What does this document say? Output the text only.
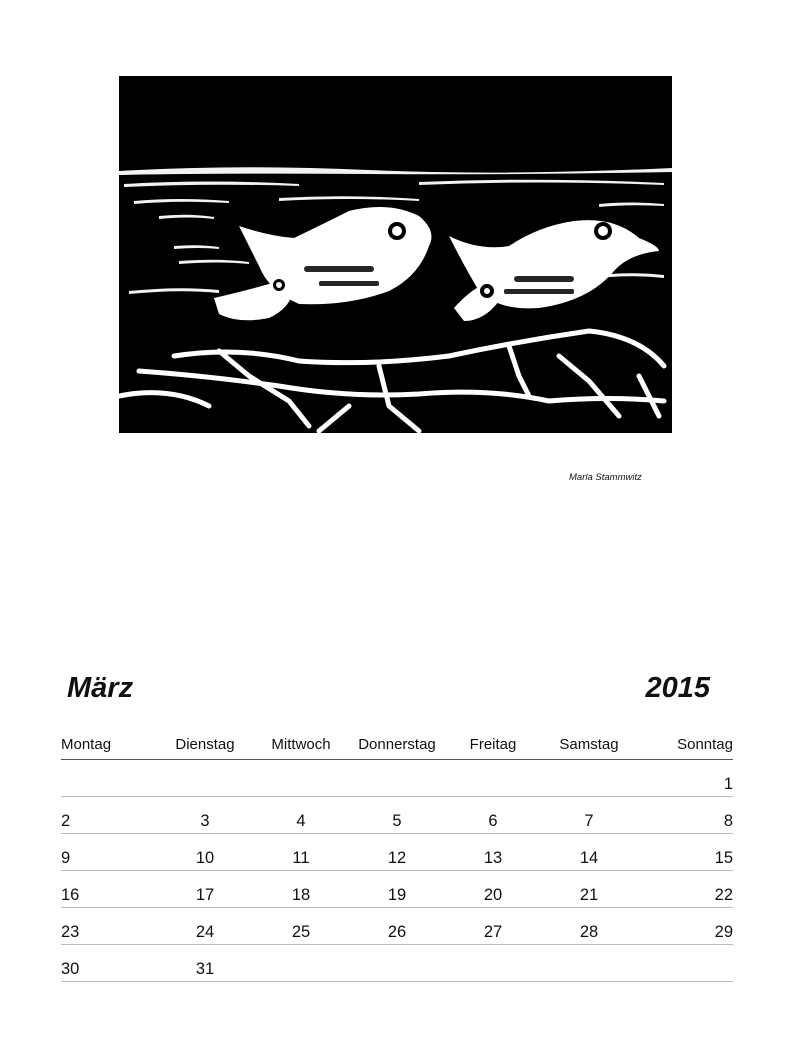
Marla Stammwitz
März	2015
Montag	Dienstag	Mittwoch	Donnerstag	Freitag	Samstag	Sonntag
						1
2	3	4	5	6	7	8
9	10	11	12	13	14	15
16	17	18	19	20	21	22
23	24	25	26	27	28	29
30	31					
